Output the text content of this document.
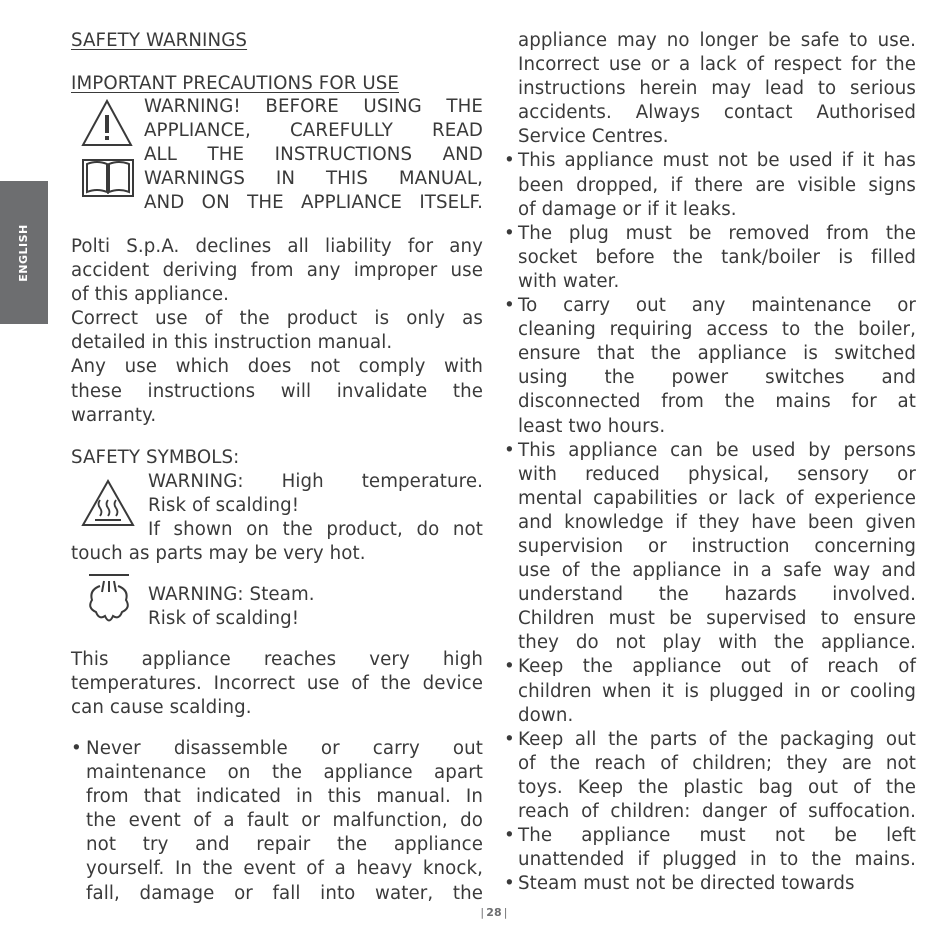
ENGLISH

SAFETY WARNINGS

IMPORTANT PRECAUTIONS FOR USE

WARNING! BEFORE USING THE
APPLIANCE, CAREFULLY READ
ALL THE INSTRUCTIONS AND
WARNINGS IN THIS MANUAL,
AND ON THE APPLIANCE ITSELF.
Polti S.p.A. declines all liability for any
accident deriving from any improper use
of this appliance.
Correct use of the product is only as
detailed in this instruction manual.
Any use which does not comply with
these instructions will invalidate the
warranty.

SAFETY SYMBOLS:

WARNING: High temperature.
Risk of scalding!
If shown on the product, do not

touch as parts may be very hot.

WARNING: Steam.
Risk of scalding!
This appliance reaches very high
temperatures. Incorrect use of the device
can cause scalding.
• Never disassemble or carry out
maintenance on the appliance apart
from that indicated in this manual. In
the event of a fault or malfunction, do
not try and repair the appliance
yourself. In the event of a heavy knock,
fall, damage or fall into water, the
appliance may no longer be safe to use.
Incorrect use or a lack of respect for the
instructions herein may lead to serious
accidents. Always contact Authorised
Service Centres.
• This appliance must not be used if it has
been dropped, if there are visible signs
of damage or if it leaks.
• The plug must be removed from the
socket before the tank/boiler is filled
with water.
• To carry out any maintenance or
cleaning requiring access to the boiler,
ensure that the appliance is switched
using the power switches and
disconnected from the mains for at
least two hours.
• This appliance can be used by persons
with reduced physical, sensory or
mental capabilities or lack of experience
and knowledge if they have been given
supervision or instruction concerning
use of the appliance in a safe way and
understand the hazards involved.
Children must be supervised to ensure
they do not play with the appliance.
• Keep the appliance out of reach of
children when it is plugged in or cooling
down.
• Keep all the parts of the packaging out
of the reach of children; they are not
toys. Keep the plastic bag out of the
reach of children: danger of suffocation.
• The appliance must not be left
unattended if plugged in to the mains.
• Steam must not be directed towards
| 28 |
